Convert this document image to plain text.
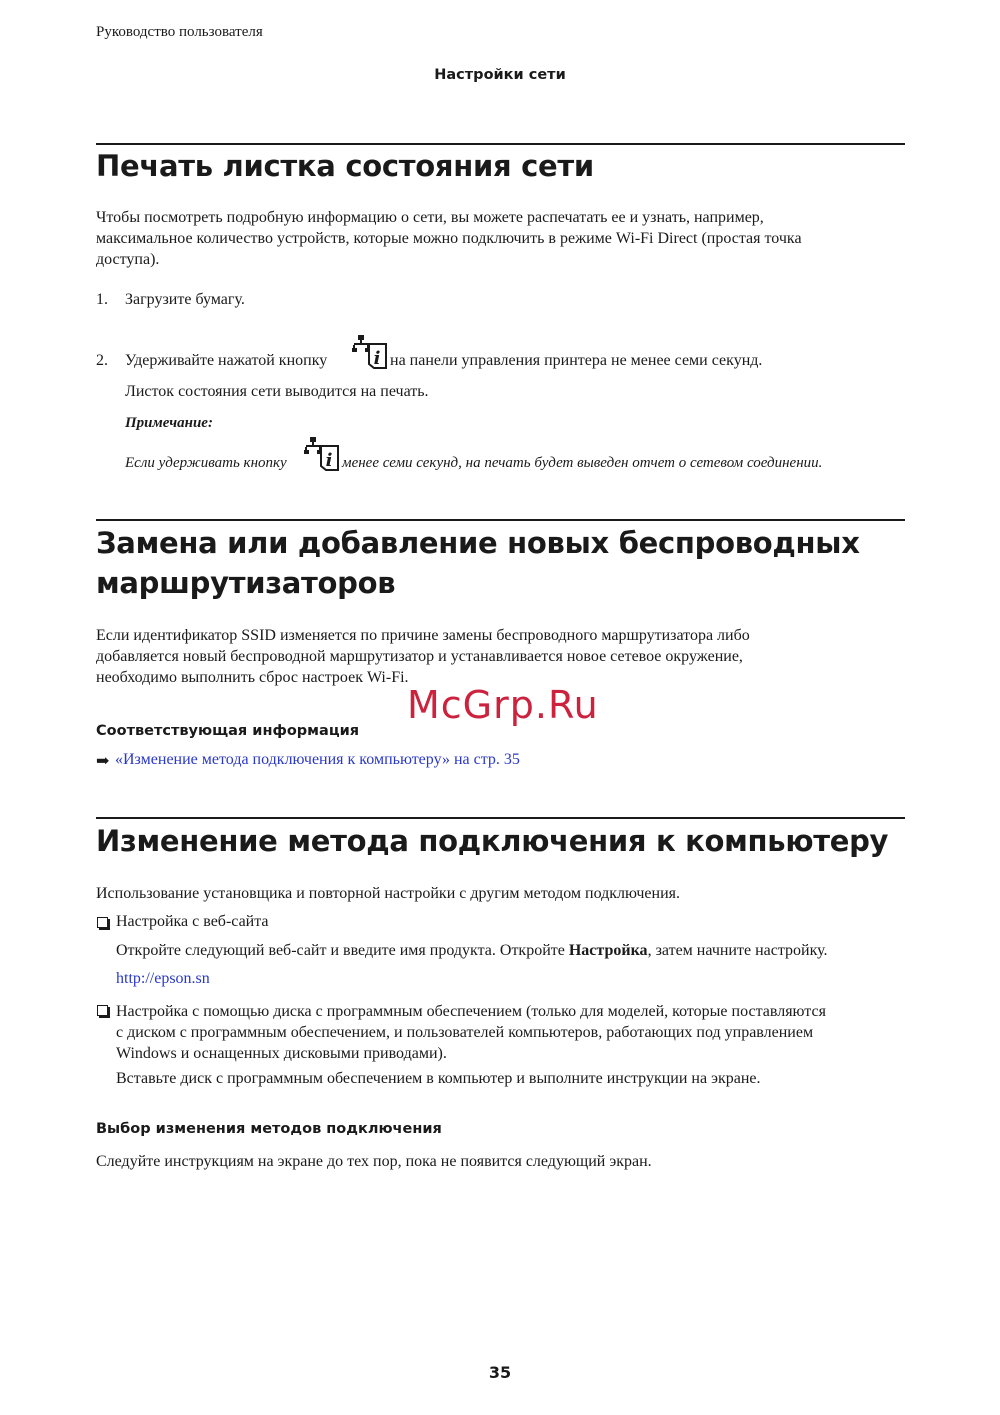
Руководство пользователя
Настройки сети
Печать листка состояния сети
Чтобы посмотреть подробную информацию о сети, вы можете распечатать ее и узнать, например,
максимальное количество устройств, которые можно подключить в режиме Wi-Fi Direct (простая точка
доступа).
1. Загрузите бумагу.
2. Удерживайте нажатой кнопку	i на панели управления принтера не менее семи секунд.
Листок состояния сети выводится на печать.
Примечание:
Если удерживать кнопку i менее семи секунд, на печать будет выведен отчет о сетевом соединении.
Замена или добавление новых беспроводных
маршрутизаторов
Если идентификатор SSID изменяется по причине замены беспроводного маршрутизатора либо
добавляется новый беспроводной маршрутизатор и устанавливается новое сетевое окружение,
необходимо выполнить сброс настроек Wi-Fi.
Соответствующая информация
➡ «Изменение метода подключения к компьютеру» на стр. 35
McGrp.Ru
Изменение метода подключения к компьютеру
Использование установщика и повторной настройки с другим методом подключения.
Настройка с веб-сайта
Откройте следующий веб-сайт и введите имя продукта. Откройте Настройка, затем начните настройку.
http://epson.sn
Настройка с помощью диска с программным обеспечением (только для моделей, которые поставляются
с диском с программным обеспечением, и пользователей компьютеров, работающих под управлением
Windows и оснащенных дисковыми приводами).
Вставьте диск с программным обеспечением в компьютер и выполните инструкции на экране.
Выбор изменения методов подключения
Следуйте инструкциям на экране до тех пор, пока не появится следующий экран.
35
